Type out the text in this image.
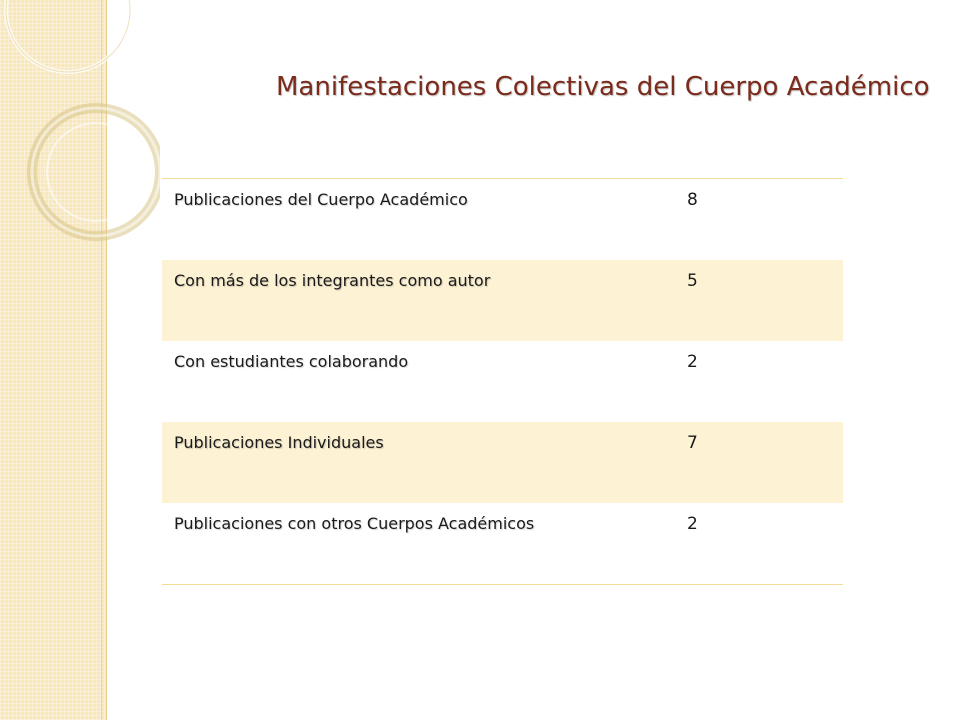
Manifestaciones Colectivas del Cuerpo Académico
Publicaciones del Cuerpo Académico	8
Con más de los integrantes como autor	5
Con estudiantes colaborando	2
Publicaciones Individuales	7
Publicaciones con otros Cuerpos Académicos	2
